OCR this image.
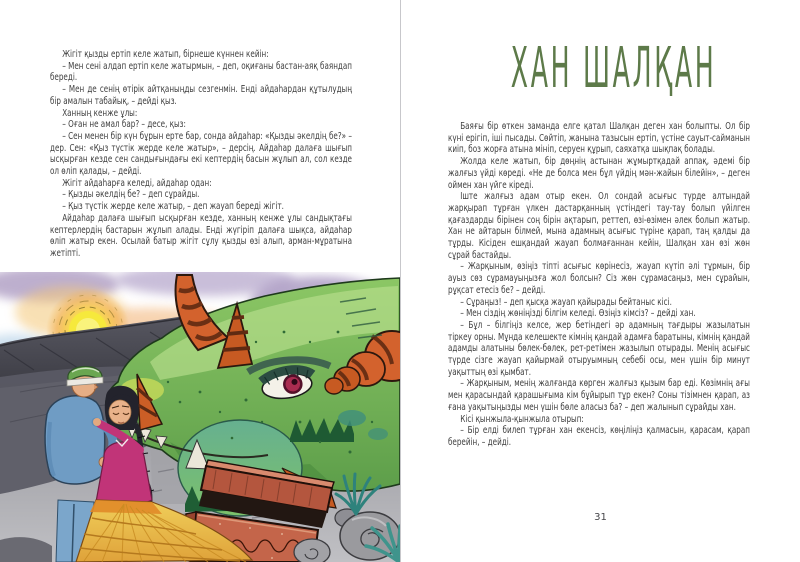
Жігіт қызды ертіп келе жатып, бірнеше күннен кейін:

– Мен сені алдап ертіп келе жатырмын, – деп, оқиғаны бастан-аяқ баяндап береді.

– Мен де сенің өтірік айтқаныңды сезгенмін. Енді айдаһардан құтылудың бір амалын табайық, – дейді қыз.

Ханның кенже ұлы:

– Оған не амал бар? – десе, қыз:

– Сен менен бір күн бұрын ерте бар, сонда айдаһар: «Қызды әкелдің бе?» – дер. Сен: «Қыз түстік жерде келе жатыр», – дерсің. Айдаһар далаға шығып ысқырған кезде сен сандығындағы екі кептердің басын жұлып ал, сол кезде ол өліп қалады, – дейді.

Жігіт айдаһарға келеді, айдаһар одан:

– Қызды әкелдің бе? – деп сұрайды.

– Қыз түстік жерде келе жатыр, – деп жауап береді жігіт.

Айдаһар далаға шығып ысқырған кезде, ханның кенже ұлы сандықтағы кептерлердің бастарын жұлып алады. Енді жүгіріп далаға шықса, айдаһар өліп жатыр екен. Осылай батыр жігіт сұлу қызды өзі алып, арман-мұратына жетіпті.

ХАН ШАЛҚАН

Баяғы бір өткен заманда елге қатал Шалқан деген хан болыпты. Ол бір күні ерігіп, іші пысады. Сөйтіп, жанына тазысын ертіп, үстіне сауыт-сайманын киіп, боз жорға атына мініп, серуен құрып, саяхатқа шықпақ болады.

Жолда келе жатып, бір дөңнің астынан жұмыртқадай аппақ, әдемі бір жалғыз үйді көреді. «Не де болса мен бұл үйдің мән-жайын білейін», – деген оймен хан үйге кіреді.

Іште жалғыз адам отыр екен. Ол сондай асығыс түрде алтындай жарқырап тұрған үлкен дастарқанның үстіндегі тау-тау болып үйілген қағаздарды бірінен соң бірін ақтарып, реттеп, өзі-өзімен әлек болып жатыр. Хан не айтарын білмей, мына адамның асығыс түріне қарап, таң қалды да тұрды. Кісіден ешқандай жауап болмағаннан кейін, Шалқан хан өзі жөн сұрай бастайды.

– Жарқыным, өзіңіз тіпті асығыс көрінесіз, жауап күтіп әлі тұрмын, бір ауыз сөз сұрамауыңызға жол болсын? Сіз жөн сұрамасаңыз, мен сұрайын, рұқсат етесіз бе? – дейді.

– Сұраңыз! – деп қысқа жауап қайырады бейтаныс кісі.

– Мен сіздің жөніңізді білгім келеді. Өзіңіз кімсіз? – дейді хан.

– Бұл – білгіңіз келсе, жер бетіндегі әр адамның тағдыры жазылатын тіркеу орны. Мұнда келешекте кімнің қандай адамға баратыны, кімнің қандай адамды алатыны бөлек-бөлек, рет-ретімен жазылып отырады. Менің асығыс түрде сізге жауап қайырмай отыруымның себебі осы, мен үшін бір минут уақыттың өзі қымбат.

– Жарқыным, менің жалғанда көрген жалғыз қызым бар еді. Көзімнің ағы мен қарасындай қарашығыма кім бұйырып тұр екен? Соны тізімнен қарап, аз ғана уақытыңызды мен үшін бөле аласыз ба? – деп жалынып сұрайды хан.

Кісі қынжыла-қынжыла отырып:

– Бір елді билеп тұрған хан екенсіз, көңіліңіз қалмасын, қарасам, қарап берейін, – дейді.

31
